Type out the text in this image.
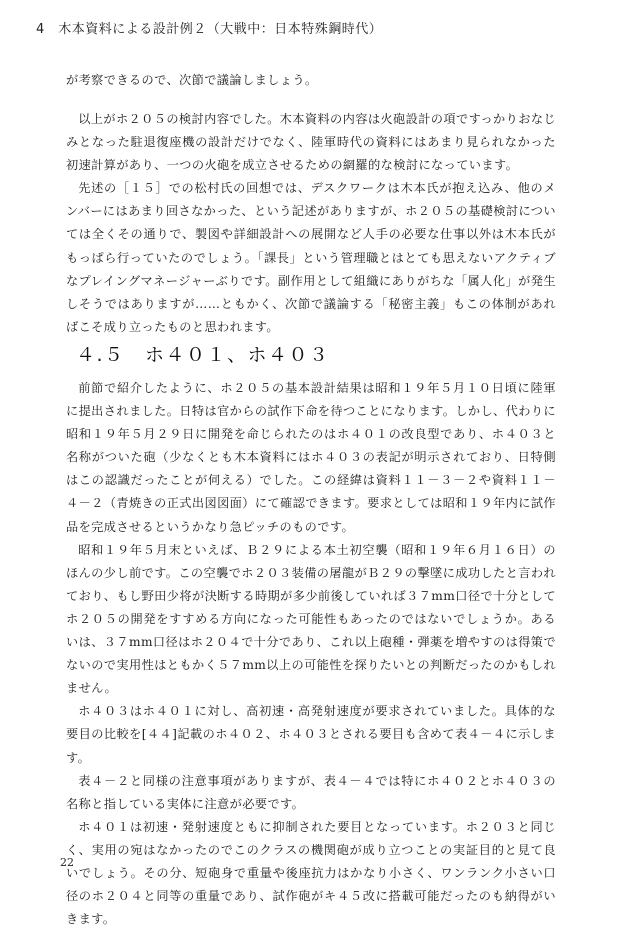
4　木本資料による設計例２（大戦中：日本特殊鋼時代）

が考察できるので、次節で議論しましょう。

以上がホ２０５の検討内容でした。木本資料の内容は火砲設計の項ですっかりおなじみとなった駐退復座機の設計だけでなく、陸軍時代の資料にはあまり見られなかった初速計算があり、一つの火砲を成立させるための網羅的な検討になっています。

先述の［１５］での松村氏の回想では、デスクワークは木本氏が抱え込み、他のメンバーにはあまり回さなかった、という記述がありますが、ホ２０５の基礎検討については全くその通りで、製図や詳細設計への展開など人手の必要な仕事以外は木本氏がもっぱら行っていたのでしょう。「課長」という管理職とはとても思えないアクティブなプレイングマネージャーぶりです。副作用として組織にありがちな「属人化」が発生しそうではありますが……ともかく、次節で議論する「秘密主義」もこの体制があればこそ成り立ったものと思われます。

４.５　ホ４０１、ホ４０３

前節で紹介したように、ホ２０５の基本設計結果は昭和１９年５月１０日頃に陸軍に提出されました。日特は官からの試作下命を待つことになります。しかし、代わりに昭和１９年５月２９日に開発を命じられたのはホ４０１の改良型であり、ホ４０３と名称がついた砲（少なくとも木本資料にはホ４０３の表記が明示されており、日特側はこの認識だったことが伺える）でした。この経緯は資料１１－３－２や資料１１－４－２（青焼きの正式出図図面）にて確認できます。要求としては昭和１９年内に試作品を完成させるというかなり急ピッチのものです。

昭和１９年５月末といえば、Ｂ２９による本土初空襲（昭和１９年６月１６日）のほんの少し前です。この空襲でホ２０３装備の屠龍がＢ２９の撃墜に成功したと言われており、もし野田少将が決断する時期が多少前後していれば３７mm口径で十分としてホ２０５の開発をすすめる方向になった可能性もあったのではないでしょうか。あるいは、３７mm口径はホ２０４で十分であり、これ以上砲種・弾薬を増やすのは得策でないので実用性はともかく５７mm以上の可能性を探りたいとの判断だったのかもしれません。

ホ４０３はホ４０１に対し、高初速・高発射速度が要求されていました。具体的な要目の比較を[４４]記載のホ４０２、ホ４０３とされる要目も含めて表４－４に示します。

表４－２と同様の注意事項がありますが、表４－４では特にホ４０２とホ４０３の名称と指している実体に注意が必要です。

ホ４０１は初速・発射速度ともに抑制された要目となっています。ホ２０３と同じく、実用の宛はなかったのでこのクラスの機関砲が成り立つことの実証目的と見て良いでしょう。その分、短砲身で重量や後座抗力はかなり小さく、ワンランク小さい口径のホ２０４と同等の重量であり、試作砲がキ４５改に搭載可能だったのも納得がいきます。

22
